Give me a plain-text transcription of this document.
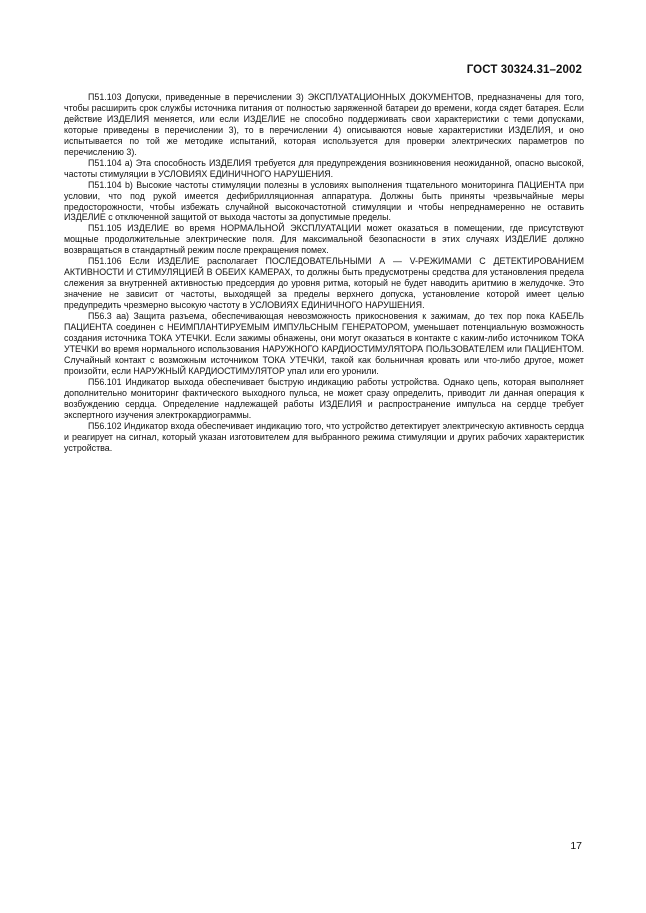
ГОСТ 30324.31–2002

П51.103 Допуски, приведенные в перечислении 3) ЭКСПЛУАТАЦИОННЫХ ДОКУМЕНТОВ, предназначены для того, чтобы расширить срок службы источника питания от полностью заряженной батареи до времени, когда сядет батарея. Если действие ИЗДЕЛИЯ меняется, или если ИЗДЕЛИЕ не способно поддерживать свои характеристики с теми допусками, которые приведены в перечислении 3), то в перечислении 4) описываются новые характеристики ИЗДЕЛИЯ, и оно испытывается по той же методике испытаний, которая используется для проверки электрических параметров по перечислению 3).

П51.104 a) Эта способность ИЗДЕЛИЯ требуется для предупреждения возникновения неожиданной, опасно высокой, частоты стимуляции в УСЛОВИЯХ ЕДИНИЧНОГО НАРУШЕНИЯ.

П51.104 b) Высокие частоты стимуляции полезны в условиях выполнения тщательного мониторинга ПАЦИЕНТА при условии, что под рукой имеется дефибрилляционная аппаратура. Должны быть приняты чрезвычайные меры предосторожности, чтобы избежать случайной высокочастотной стимуляции и чтобы непреднамеренно не оставить ИЗДЕЛИЕ с отключенной защитой от выхода частоты за допустимые пределы.

П51.105 ИЗДЕЛИЕ во время НОРМАЛЬНОЙ ЭКСПЛУАТАЦИИ может оказаться в помещении, где присутствуют мощные продолжительные электрические поля. Для максимальной безопасности в этих случаях ИЗДЕЛИЕ должно возвращаться в стандартный режим после прекращения помех.

П51.106 Если ИЗДЕЛИЕ располагает ПОСЛЕДОВАТЕЛЬНЫМИ А — V-РЕЖИМАМИ С ДЕТЕКТИРОВАНИЕМ АКТИВНОСТИ И СТИМУЛЯЦИЕЙ В ОБЕИХ КАМЕРАХ, то должны быть предусмотрены средства для установления предела слежения за внутренней активностью предсердия до уровня ритма, который не будет наводить аритмию в желудочке. Это значение не зависит от частоты, выходящей за пределы верхнего допуска, установление которой имеет целью предупредить чрезмерно высокую частоту в УСЛОВИЯХ ЕДИНИЧНОГО НАРУШЕНИЯ.

П56.3 aa) Защита разъема, обеспечивающая невозможность прикосновения к зажимам, до тех пор пока КАБЕЛЬ ПАЦИЕНТА соединен с НЕИМПЛАНТИРУЕМЫМ ИМПУЛЬСНЫМ ГЕНЕРАТОРОМ, уменьшает потенциальную возможность создания источника ТОКА УТЕЧКИ. Если зажимы обнажены, они могут оказаться в контакте с каким-либо источником ТОКА УТЕЧКИ во время нормального использования НАРУЖНОГО КАРДИОСТИМУЛЯТОРА ПОЛЬЗОВАТЕЛЕМ или ПАЦИЕНТОМ. Случайный контакт с возможным источником ТОКА УТЕЧКИ, такой как больничная кровать или что-либо другое, может произойти, если НАРУЖНЫЙ КАРДИОСТИМУЛЯТОР упал или его уронили.

П56.101 Индикатор выхода обеспечивает быструю индикацию работы устройства. Однако цепь, которая выполняет дополнительно мониторинг фактического выходного пульса, не может сразу определить, приводит ли данная операция к возбуждению сердца. Определение надлежащей работы ИЗДЕЛИЯ и распространение импульса на сердце требует экспертного изучения электрокардиограммы.

П56.102 Индикатор входа обеспечивает индикацию того, что устройство детектирует электрическую активность сердца и реагирует на сигнал, который указан изготовителем для выбранного режима стимуляции и других рабочих характеристик устройства.

17
